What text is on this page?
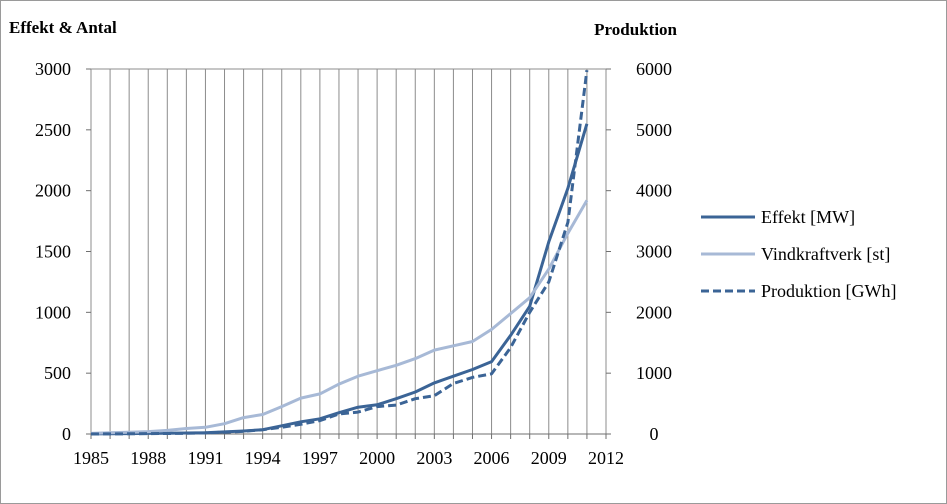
1985 1988 1991 1994 1997 2000 2003 2006 2009 2012
0
500
1000
1500
2000
2500
3000
0
1000
2000
3000
4000
5000
6000
Effekt & Antal	Produktion
Effekt [MW]
Vindkraftverk [st]
Produktion [GWh]
